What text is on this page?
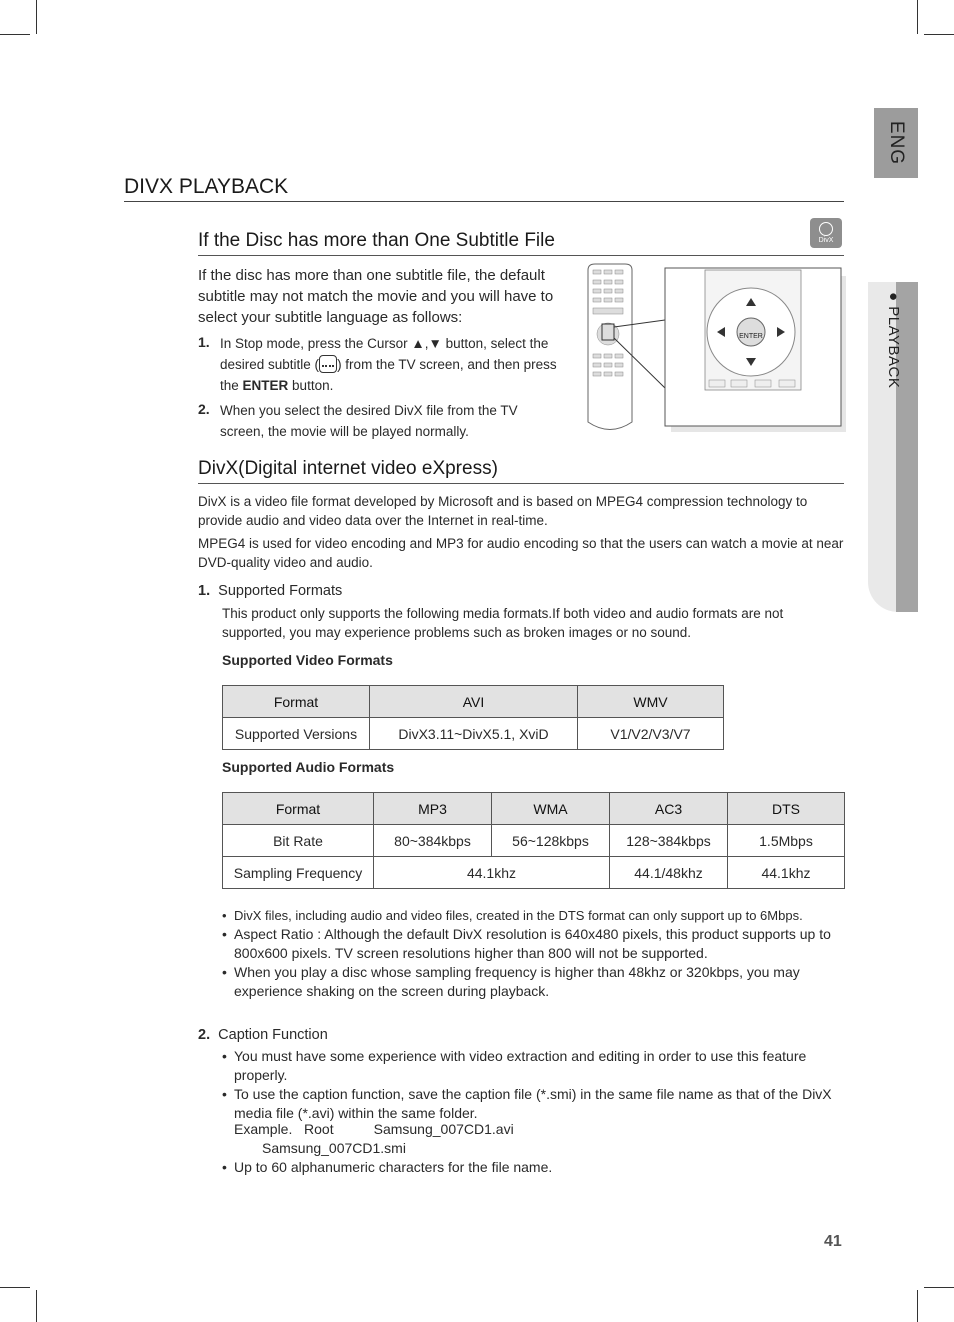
ENG
● PLAYBACK
DIVX PLAYBACK
If the Disc has more than One Subtitle File	DivX
If the disc has more than one subtitle file, the default subtitle may not match the movie and you will have to select your subtitle language as follows:
1. In Stop mode, press the Cursor ▲,▼ button, select the desired subtitle ( ) from the TV screen, and then press the ENTER button.
2. When you select the desired DivX file from the TV screen, the movie will be played normally.
ENTER
DivX(Digital internet video eXpress)
DivX is a video file format developed by Microsoft and is based on MPEG4 compression technology to provide audio and video data over the Internet in real-time.
MPEG4 is used for video encoding and MP3 for audio encoding so that the users can watch a movie at near DVD-quality video and audio.
1. Supported Formats
This product only supports the following media formats.If both video and audio formats are not supported, you may experience problems such as broken images or no sound.
Supported Video Formats
Format	AVI	WMV
Supported Versions	DivX3.11~DivX5.1, XviD	V1/V2/V3/V7
Supported Audio Formats
Format	MP3	WMA	AC3	DTS
Bit Rate	80~384kbps	56~128kbps	128~384kbps	1.5Mbps
Sampling Frequency	44.1khz		44.1/48khz	44.1khz
• DivX files, including audio and video files, created in the DTS format can only support up to 6Mbps.
• Aspect Ratio : Although the default DivX resolution is 640x480 pixels, this product supports up to 800x600 pixels. TV screen resolutions higher than 800 will not be supported.
• When you play a disc whose sampling frequency is higher than 48khz or 320kbps, you may experience shaking on the screen during playback.
2. Caption Function
• You must have some experience with video extraction and editing in order to use this feature properly.
• To use the caption function, save the caption file (*.smi) in the same file name as that of the DivX media file (*.avi) within the same folder.
Example. Root	Samsung_007CD1.avi
Samsung_007CD1.smi
• Up to 60 alphanumeric characters for the file name.
41
